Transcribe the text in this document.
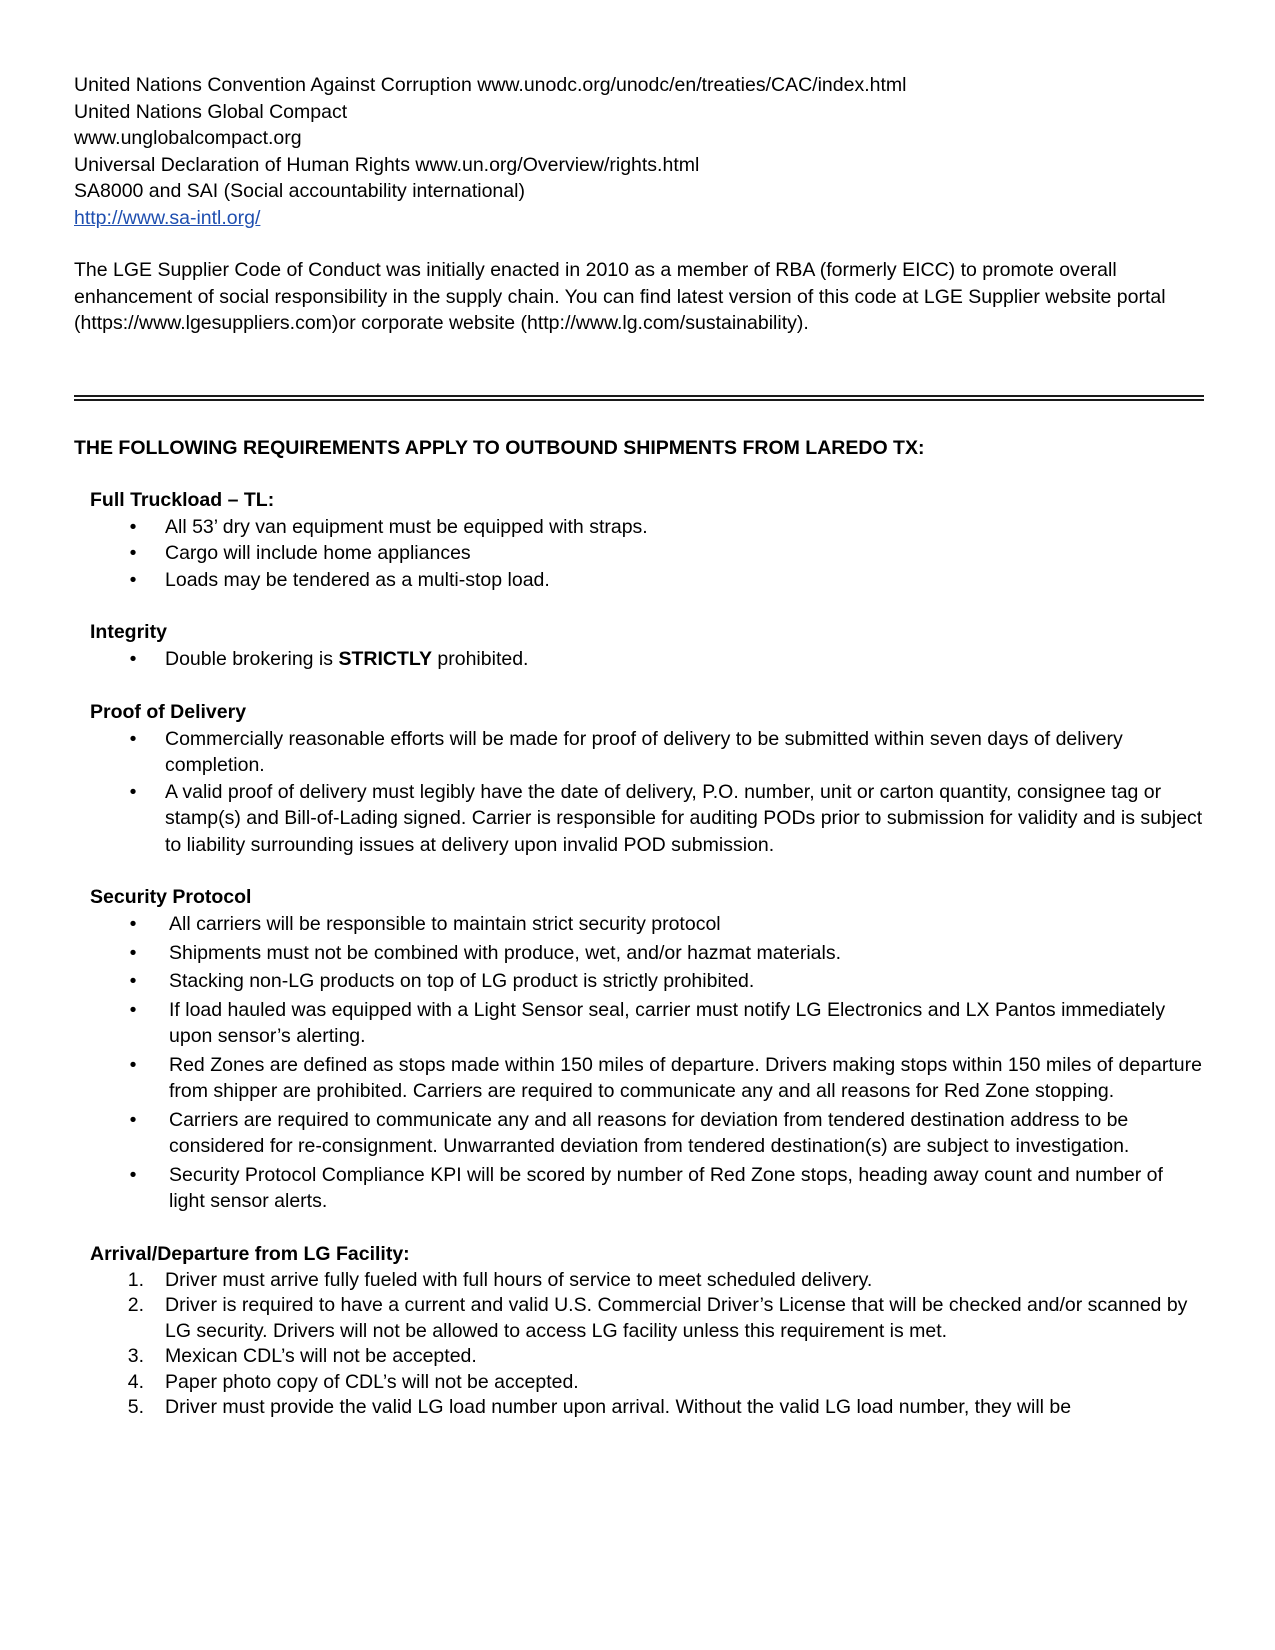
United Nations Convention Against Corruption www.unodc.org/unodc/en/treaties/CAC/index.html

United Nations Global Compact

www.unglobalcompact.org

Universal Declaration of Human Rights www.un.org/Overview/rights.html

SA8000 and SAI (Social accountability international)

http://www.sa-intl.org/

The LGE Supplier Code of Conduct was initially enacted in 2010 as a member of RBA (formerly EICC) to promote overall enhancement of social responsibility in the supply chain. You can find latest version of this code at LGE Supplier website portal (https://www.lgesuppliers.com)or corporate website (http://www.lg.com/sustainability).

THE FOLLOWING REQUIREMENTS APPLY TO OUTBOUND SHIPMENTS FROM LAREDO TX:

Full Truckload – TL:

• All 53’ dry van equipment must be equipped with straps.
• Cargo will include home appliances
• Loads may be tendered as a multi-stop load.

Integrity

• Double brokering is STRICTLY prohibited.

Proof of Delivery

• Commercially reasonable efforts will be made for proof of delivery to be submitted within seven days of delivery completion.
• A valid proof of delivery must legibly have the date of delivery, P.O. number, unit or carton quantity, consignee tag or stamp(s) and Bill-of-Lading signed. Carrier is responsible for auditing PODs prior to submission for validity and is subject to liability surrounding issues at delivery upon invalid POD submission.

Security Protocol

• All carriers will be responsible to maintain strict security protocol
• Shipments must not be combined with produce, wet, and/or hazmat materials.
• Stacking non-LG products on top of LG product is strictly prohibited.
• If load hauled was equipped with a Light Sensor seal, carrier must notify LG Electronics and LX Pantos immediately upon sensor’s alerting.
• Red Zones are defined as stops made within 150 miles of departure. Drivers making stops within 150 miles of departure from shipper are prohibited. Carriers are required to communicate any and all reasons for Red Zone stopping.
• Carriers are required to communicate any and all reasons for deviation from tendered destination address to be considered for re-consignment. Unwarranted deviation from tendered destination(s) are subject to investigation.
• Security Protocol Compliance KPI will be scored by number of Red Zone stops, heading away count and number of light sensor alerts.

Arrival/Departure from LG Facility:

1. Driver must arrive fully fueled with full hours of service to meet scheduled delivery.
2. Driver is required to have a current and valid U.S. Commercial Driver’s License that will be checked and/or scanned by LG security. Drivers will not be allowed to access LG facility unless this requirement is met.
3. Mexican CDL’s will not be accepted.
4. Paper photo copy of CDL’s will not be accepted.
5. Driver must provide the valid LG load number upon arrival. Without the valid LG load number, they will be
